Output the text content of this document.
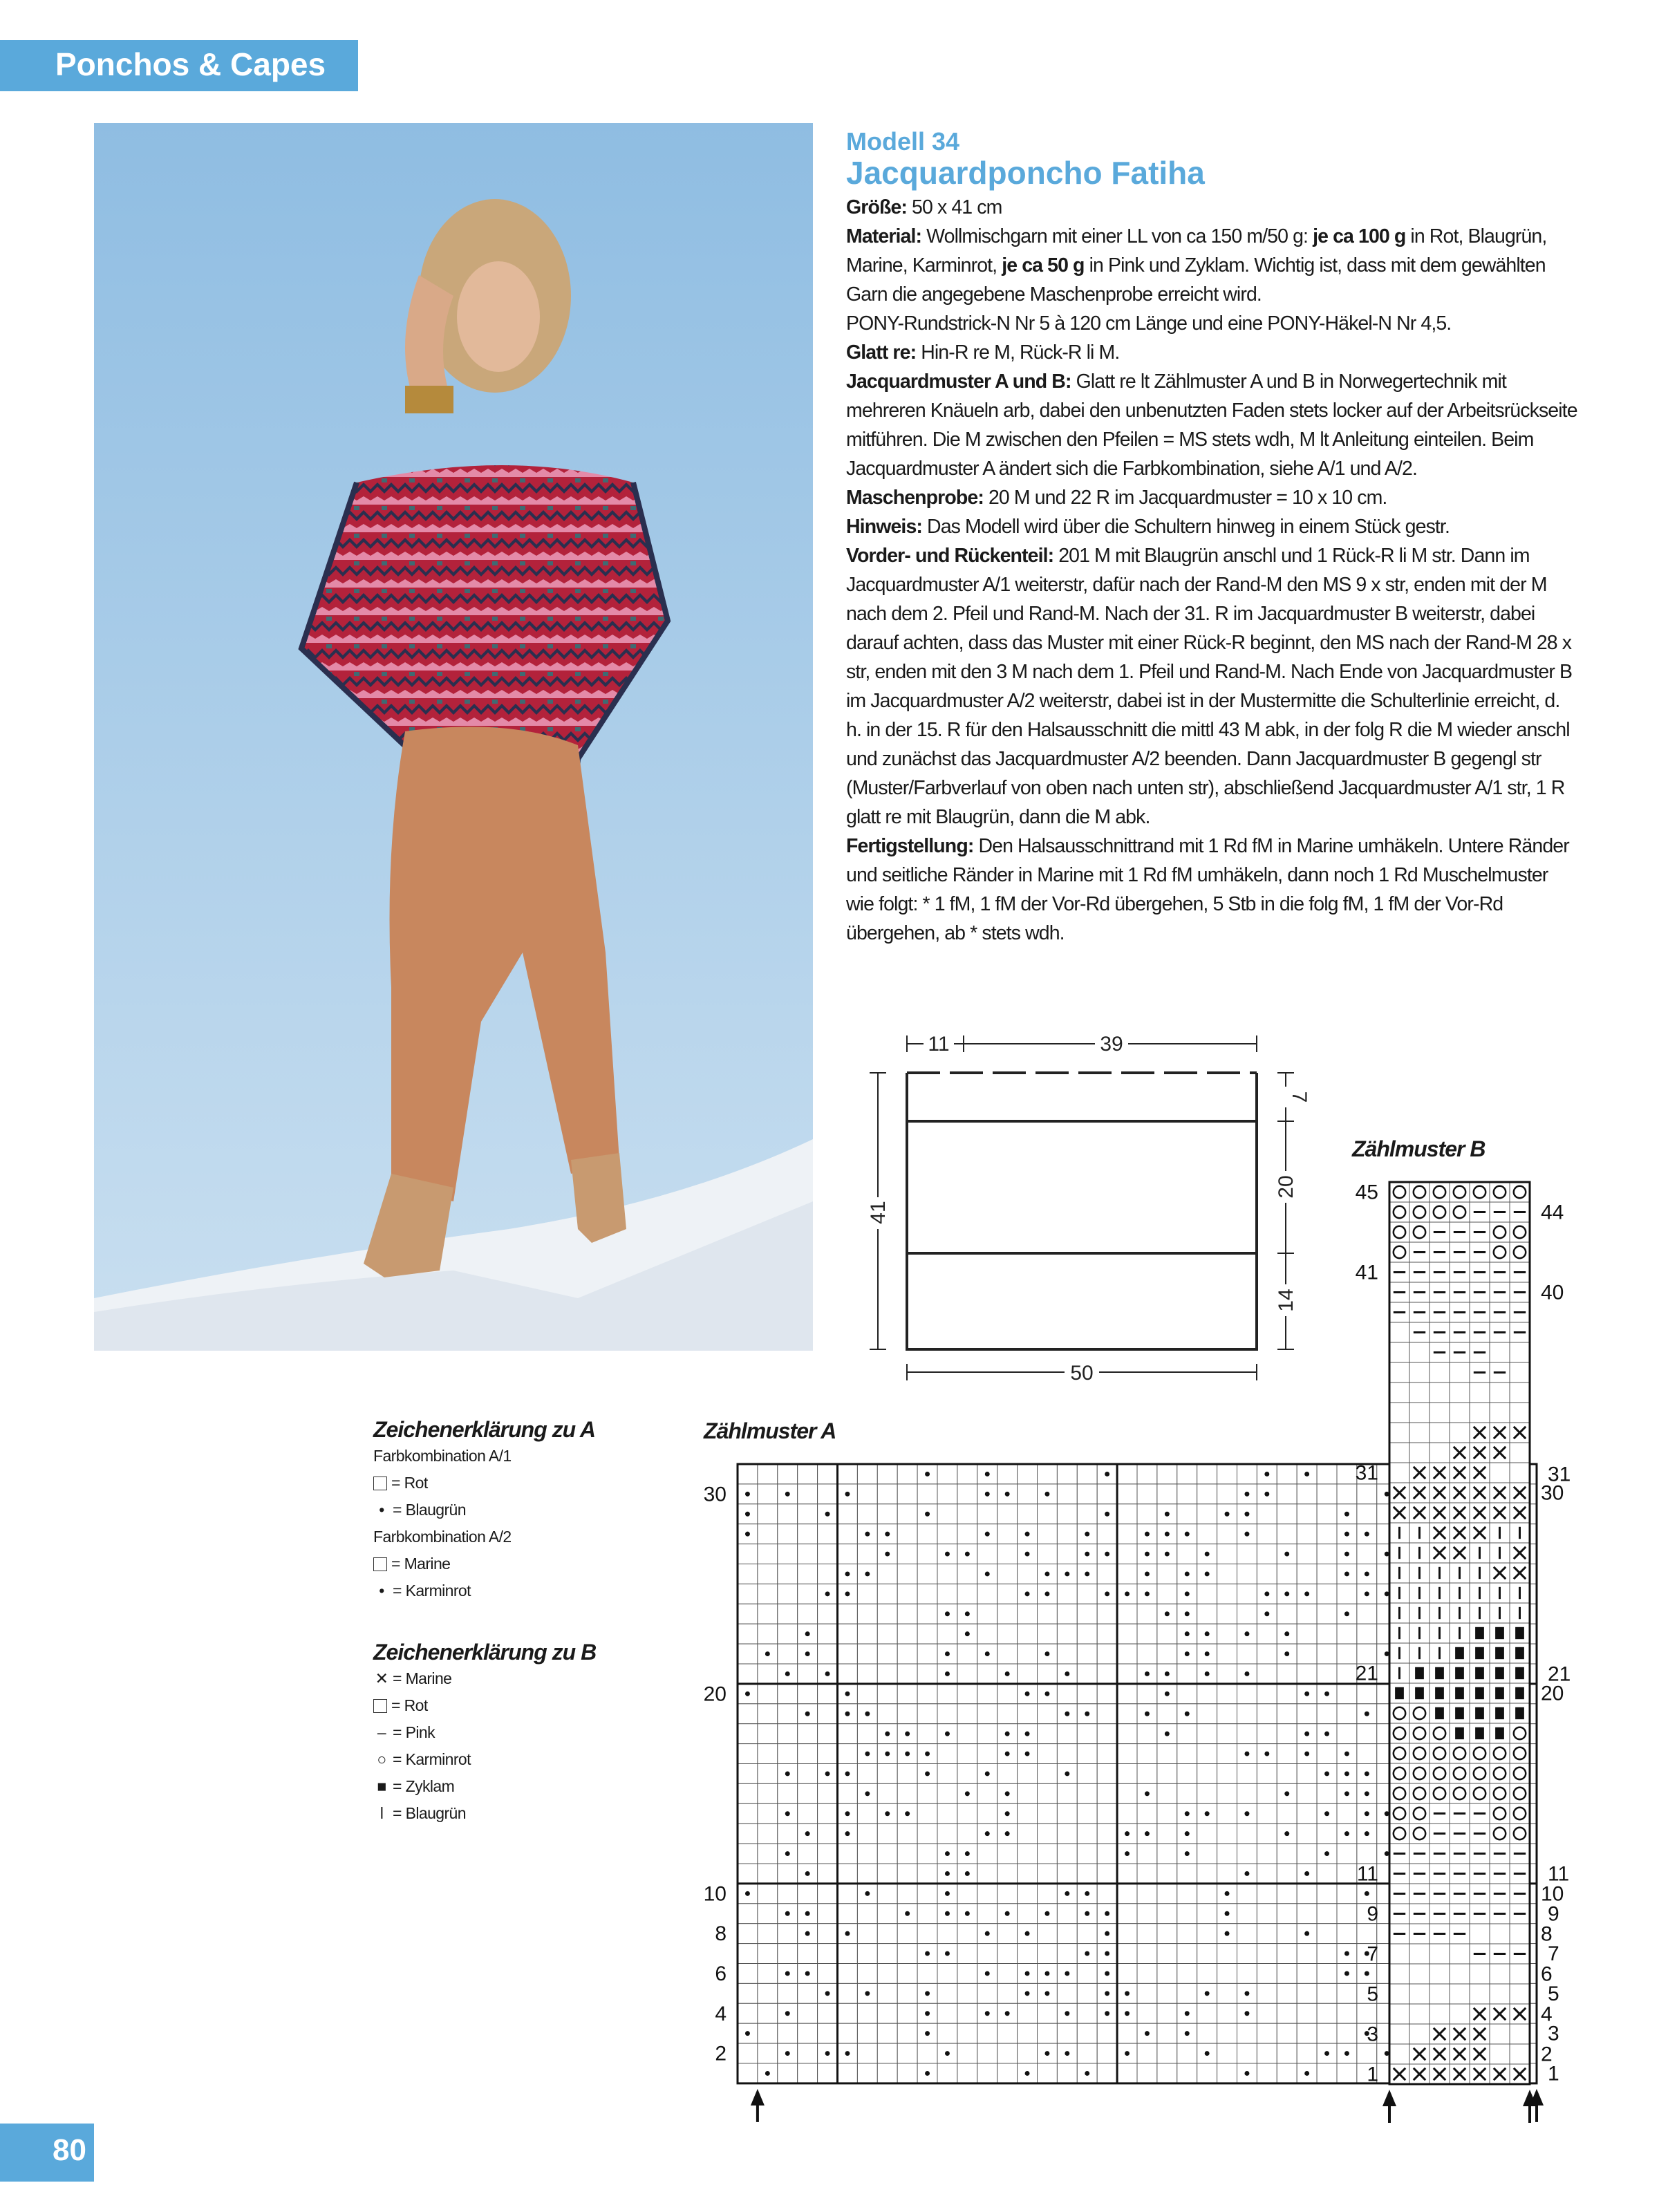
Ponchos & Capes
Modell 34
Jacquardponcho Fatiha
Größe: 50 x 41 cm
Material: Wollmischgarn mit einer LL von ca 150 m/50 g: je ca 100 g in Rot, Blaugrün, Marine, Karminrot, je ca 50 g in Pink und Zyklam. Wichtig ist, dass mit dem gewählten Garn die angegebene Maschenprobe erreicht wird.
PONY-Rundstrick-N Nr 5 à 120 cm Länge und eine PONY-Häkel-N Nr 4,5.
Glatt re: Hin-R re M, Rück-R li M.
Jacquardmuster A und B: Glatt re lt Zählmuster A und B in Norwegertechnik mit mehreren Knäueln arb, dabei den unbenutzten Faden stets locker auf der Arbeitsrückseite mitführen. Die M zwischen den Pfeilen = MS stets wdh, M lt Anleitung einteilen. Beim Jacquardmuster A ändert sich die Farbkombination, siehe A/1 und A/2.
Maschenprobe: 20 M und 22 R im Jacquardmuster = 10 x 10 cm.
Hinweis: Das Modell wird über die Schultern hinweg in einem Stück gestr.
Vorder- und Rückenteil: 201 M mit Blaugrün anschl und 1 Rück-R li M str. Dann im Jacquardmuster A/1 weiterstr, dafür nach der Rand-M den MS 9 x str, enden mit der M nach dem 2. Pfeil und Rand-M. Nach der 31. R im Jacquardmuster B weiterstr, dabei darauf achten, dass das Muster mit einer Rück-R beginnt, den MS nach der Rand-M 28 x str, enden mit den 3 M nach dem 1. Pfeil und Rand-M. Nach Ende von Jacquardmuster B im Jacquardmuster A/2 weiterstr, dabei ist in der Mustermitte die Schulterlinie erreicht, d. h. in der 15. R für den Halsausschnitt die mittl 43 M abk, in der folg R die M wieder anschl und zunächst das Jacquardmuster A/2 beenden. Dann Jacquardmuster B gegengl str (Muster/Farbverlauf von oben nach unten str), abschließend Jacquardmuster A/1 str, 1 R glatt re mit Blaugrün, dann die M abk.
Fertigstellung: Den Halsausschnittrand mit 1 Rd fM in Marine umhäkeln. Untere Ränder und seitliche Ränder in Marine mit 1 Rd fM umhäkeln, dann noch 1 Rd Muschelmuster wie folgt: * 1 fM, 1 fM der Vor-Rd übergehen, 5 Stb in die folg fM, 1 fM der Vor-Rd übergehen, ab * stets wdh.
11	39
41
7
20
14
50
Zeichenerklärung zu A
Farbkombination A/1
= Rot
• = Blaugrün
Farbkombination A/2
= Marine
• = Karminrot
Zeichenerklärung zu B
✕ = Marine
= Rot
– = Pink
○ = Karminrot
■ = Zyklam
ǀ = Blaugrün
Zählmuster A
30
20
10
8
6
4
2
31
21
11
9
7
5
3
1
Zählmuster B
45
41
31
21
11
9
7
5
3
1
44
40
30
20
10
8
6
4
2
80
